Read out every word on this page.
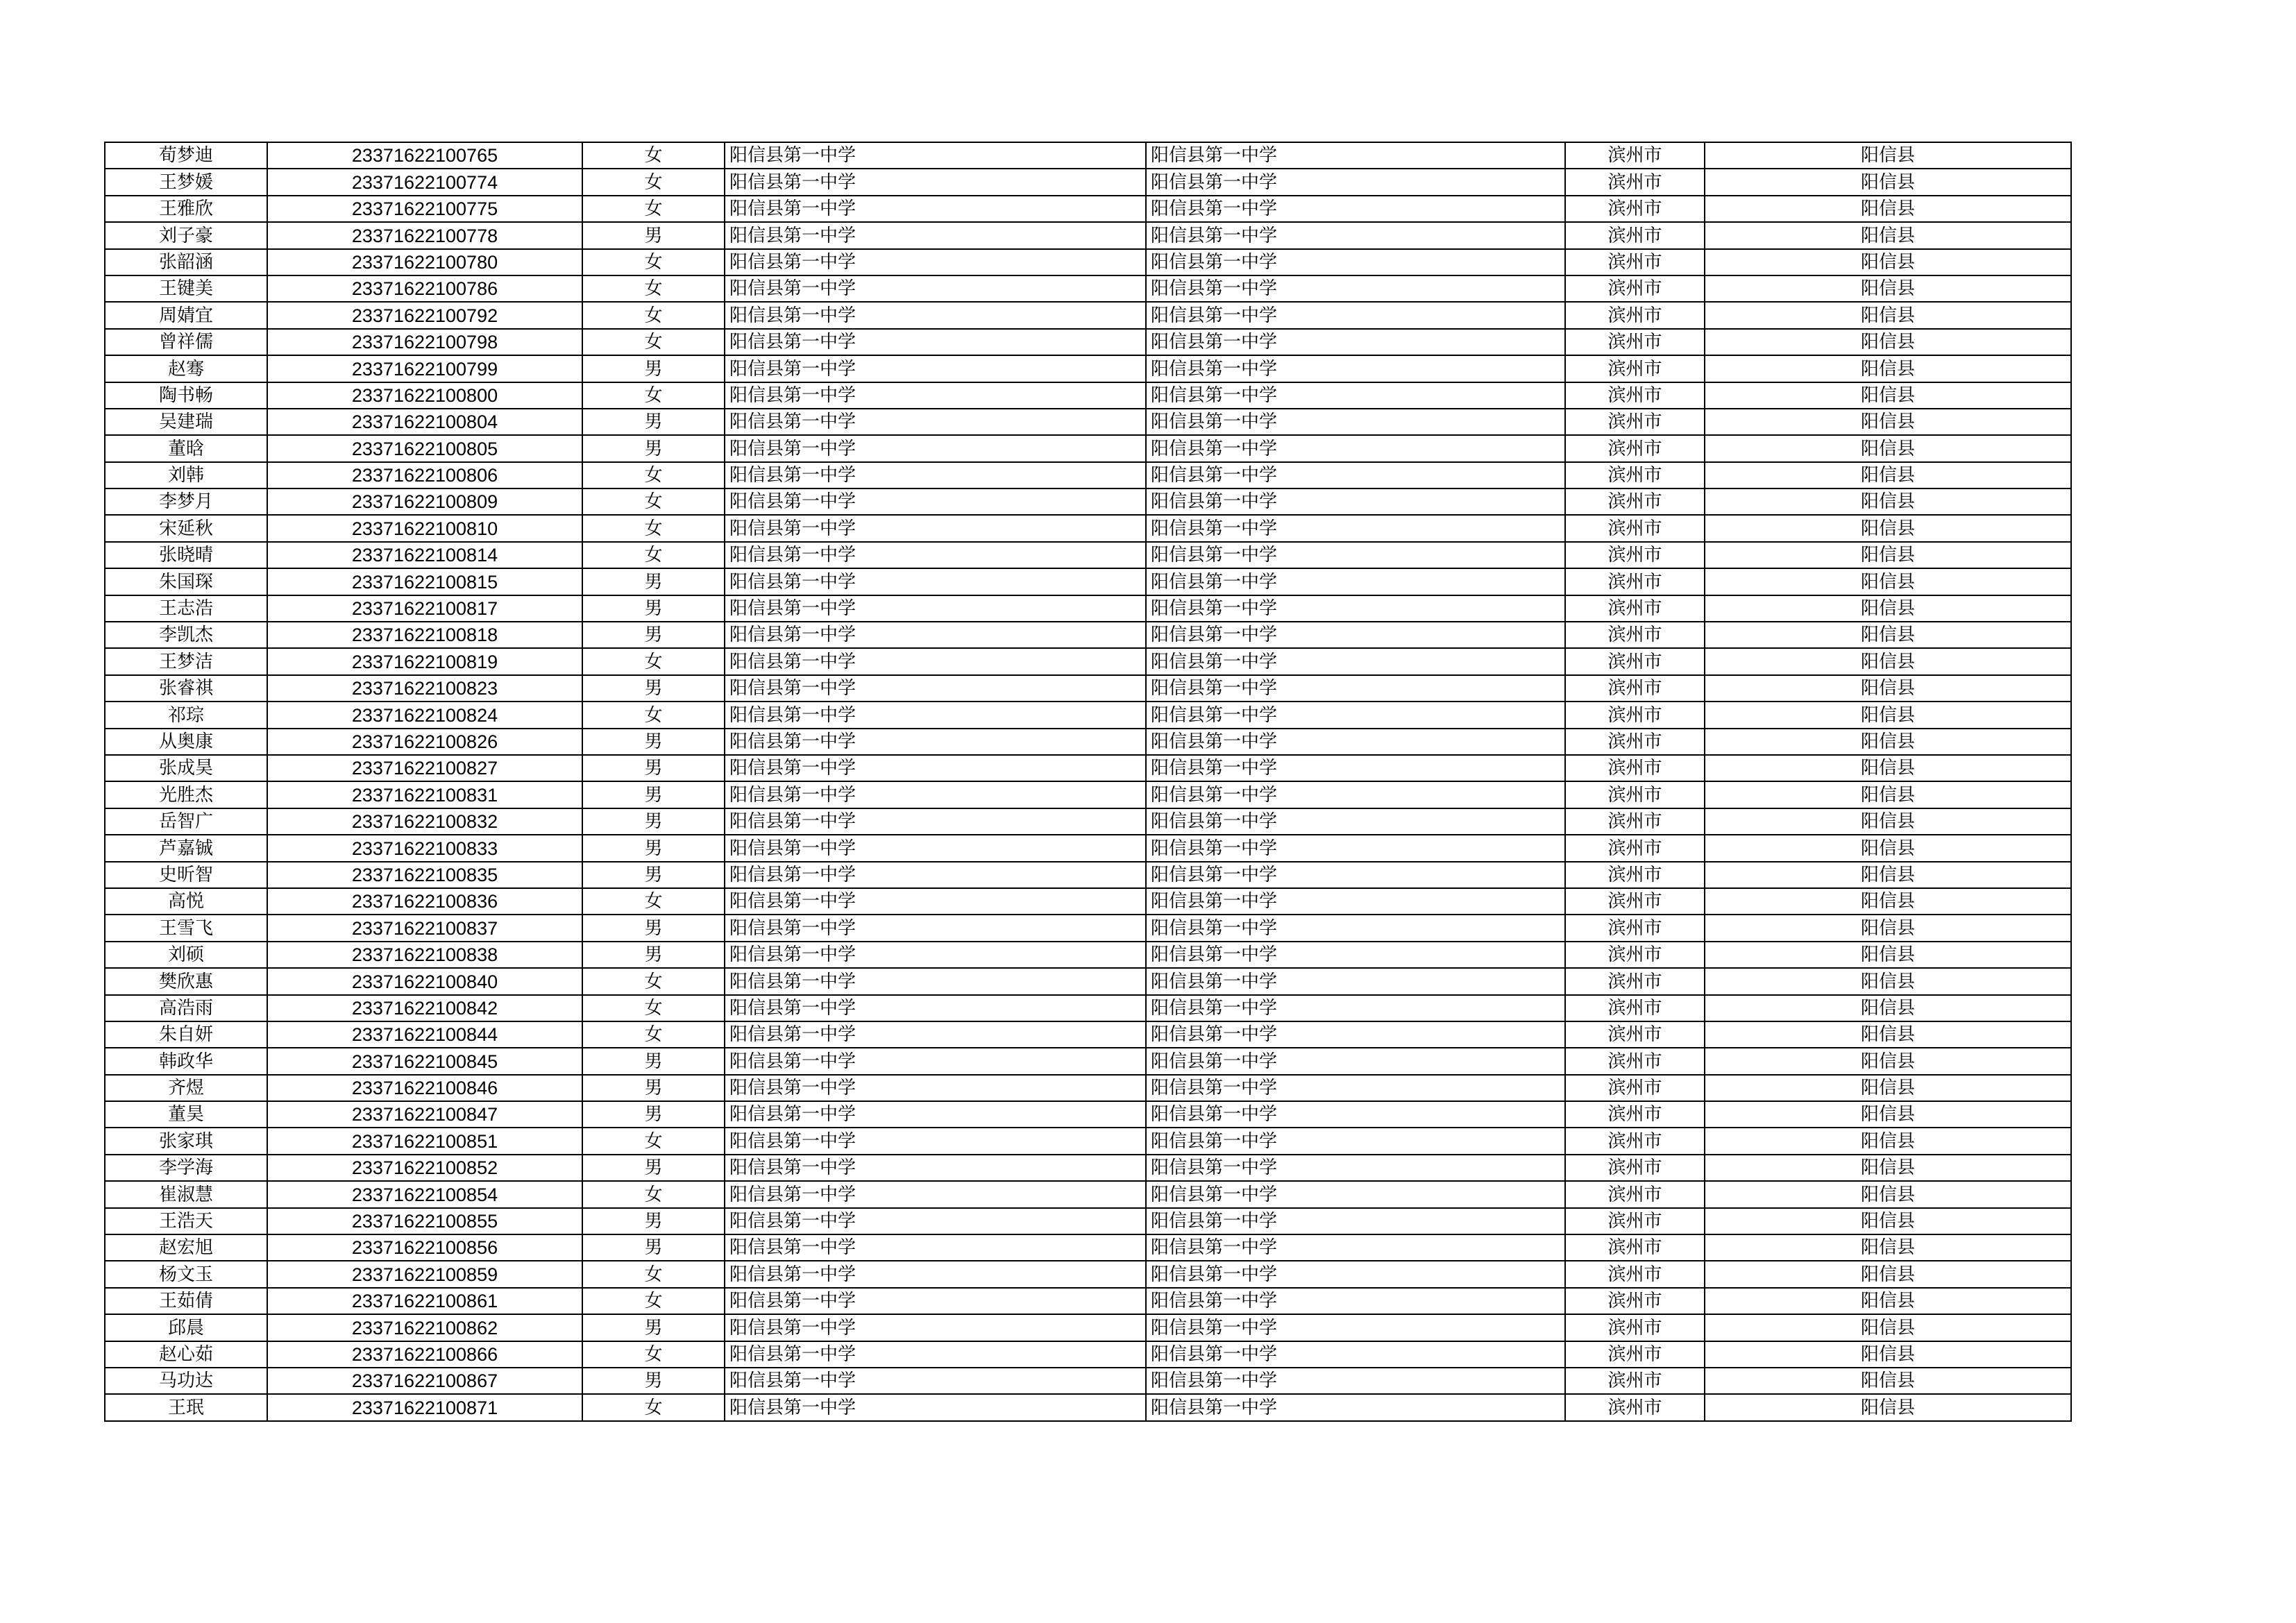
荀梦迪	23371622100765	女	阳信县第一中学	阳信县第一中学	滨州市	阳信县
王梦媛	23371622100774	女	阳信县第一中学	阳信县第一中学	滨州市	阳信县
王雅欣	23371622100775	女	阳信县第一中学	阳信县第一中学	滨州市	阳信县
刘子豪	23371622100778	男	阳信县第一中学	阳信县第一中学	滨州市	阳信县
张韶涵	23371622100780	女	阳信县第一中学	阳信县第一中学	滨州市	阳信县
王键美	23371622100786	女	阳信县第一中学	阳信县第一中学	滨州市	阳信县
周婧宜	23371622100792	女	阳信县第一中学	阳信县第一中学	滨州市	阳信县
曾祥儒	23371622100798	女	阳信县第一中学	阳信县第一中学	滨州市	阳信县
赵骞	23371622100799	男	阳信县第一中学	阳信县第一中学	滨州市	阳信县
陶书畅	23371622100800	女	阳信县第一中学	阳信县第一中学	滨州市	阳信县
吴建瑞	23371622100804	男	阳信县第一中学	阳信县第一中学	滨州市	阳信县
董晗	23371622100805	男	阳信县第一中学	阳信县第一中学	滨州市	阳信县
刘韩	23371622100806	女	阳信县第一中学	阳信县第一中学	滨州市	阳信县
李梦月	23371622100809	女	阳信县第一中学	阳信县第一中学	滨州市	阳信县
宋延秋	23371622100810	女	阳信县第一中学	阳信县第一中学	滨州市	阳信县
张晓晴	23371622100814	女	阳信县第一中学	阳信县第一中学	滨州市	阳信县
朱国琛	23371622100815	男	阳信县第一中学	阳信县第一中学	滨州市	阳信县
王志浩	23371622100817	男	阳信县第一中学	阳信县第一中学	滨州市	阳信县
李凯杰	23371622100818	男	阳信县第一中学	阳信县第一中学	滨州市	阳信县
王梦洁	23371622100819	女	阳信县第一中学	阳信县第一中学	滨州市	阳信县
张睿祺	23371622100823	男	阳信县第一中学	阳信县第一中学	滨州市	阳信县
祁琮	23371622100824	女	阳信县第一中学	阳信县第一中学	滨州市	阳信县
从奥康	23371622100826	男	阳信县第一中学	阳信县第一中学	滨州市	阳信县
张成昊	23371622100827	男	阳信县第一中学	阳信县第一中学	滨州市	阳信县
光胜杰	23371622100831	男	阳信县第一中学	阳信县第一中学	滨州市	阳信县
岳智广	23371622100832	男	阳信县第一中学	阳信县第一中学	滨州市	阳信县
芦嘉铖	23371622100833	男	阳信县第一中学	阳信县第一中学	滨州市	阳信县
史昕智	23371622100835	男	阳信县第一中学	阳信县第一中学	滨州市	阳信县
高悦	23371622100836	女	阳信县第一中学	阳信县第一中学	滨州市	阳信县
王雪飞	23371622100837	男	阳信县第一中学	阳信县第一中学	滨州市	阳信县
刘硕	23371622100838	男	阳信县第一中学	阳信县第一中学	滨州市	阳信县
樊欣惠	23371622100840	女	阳信县第一中学	阳信县第一中学	滨州市	阳信县
高浩雨	23371622100842	女	阳信县第一中学	阳信县第一中学	滨州市	阳信县
朱自妍	23371622100844	女	阳信县第一中学	阳信县第一中学	滨州市	阳信县
韩政华	23371622100845	男	阳信县第一中学	阳信县第一中学	滨州市	阳信县
齐煜	23371622100846	男	阳信县第一中学	阳信县第一中学	滨州市	阳信县
董昊	23371622100847	男	阳信县第一中学	阳信县第一中学	滨州市	阳信县
张家琪	23371622100851	女	阳信县第一中学	阳信县第一中学	滨州市	阳信县
李学海	23371622100852	男	阳信县第一中学	阳信县第一中学	滨州市	阳信县
崔淑慧	23371622100854	女	阳信县第一中学	阳信县第一中学	滨州市	阳信县
王浩天	23371622100855	男	阳信县第一中学	阳信县第一中学	滨州市	阳信县
赵宏旭	23371622100856	男	阳信县第一中学	阳信县第一中学	滨州市	阳信县
杨文玉	23371622100859	女	阳信县第一中学	阳信县第一中学	滨州市	阳信县
王茹倩	23371622100861	女	阳信县第一中学	阳信县第一中学	滨州市	阳信县
邱晨	23371622100862	男	阳信县第一中学	阳信县第一中学	滨州市	阳信县
赵心茹	23371622100866	女	阳信县第一中学	阳信县第一中学	滨州市	阳信县
马功达	23371622100867	男	阳信县第一中学	阳信县第一中学	滨州市	阳信县
王珉	23371622100871	女	阳信县第一中学	阳信县第一中学	滨州市	阳信县
